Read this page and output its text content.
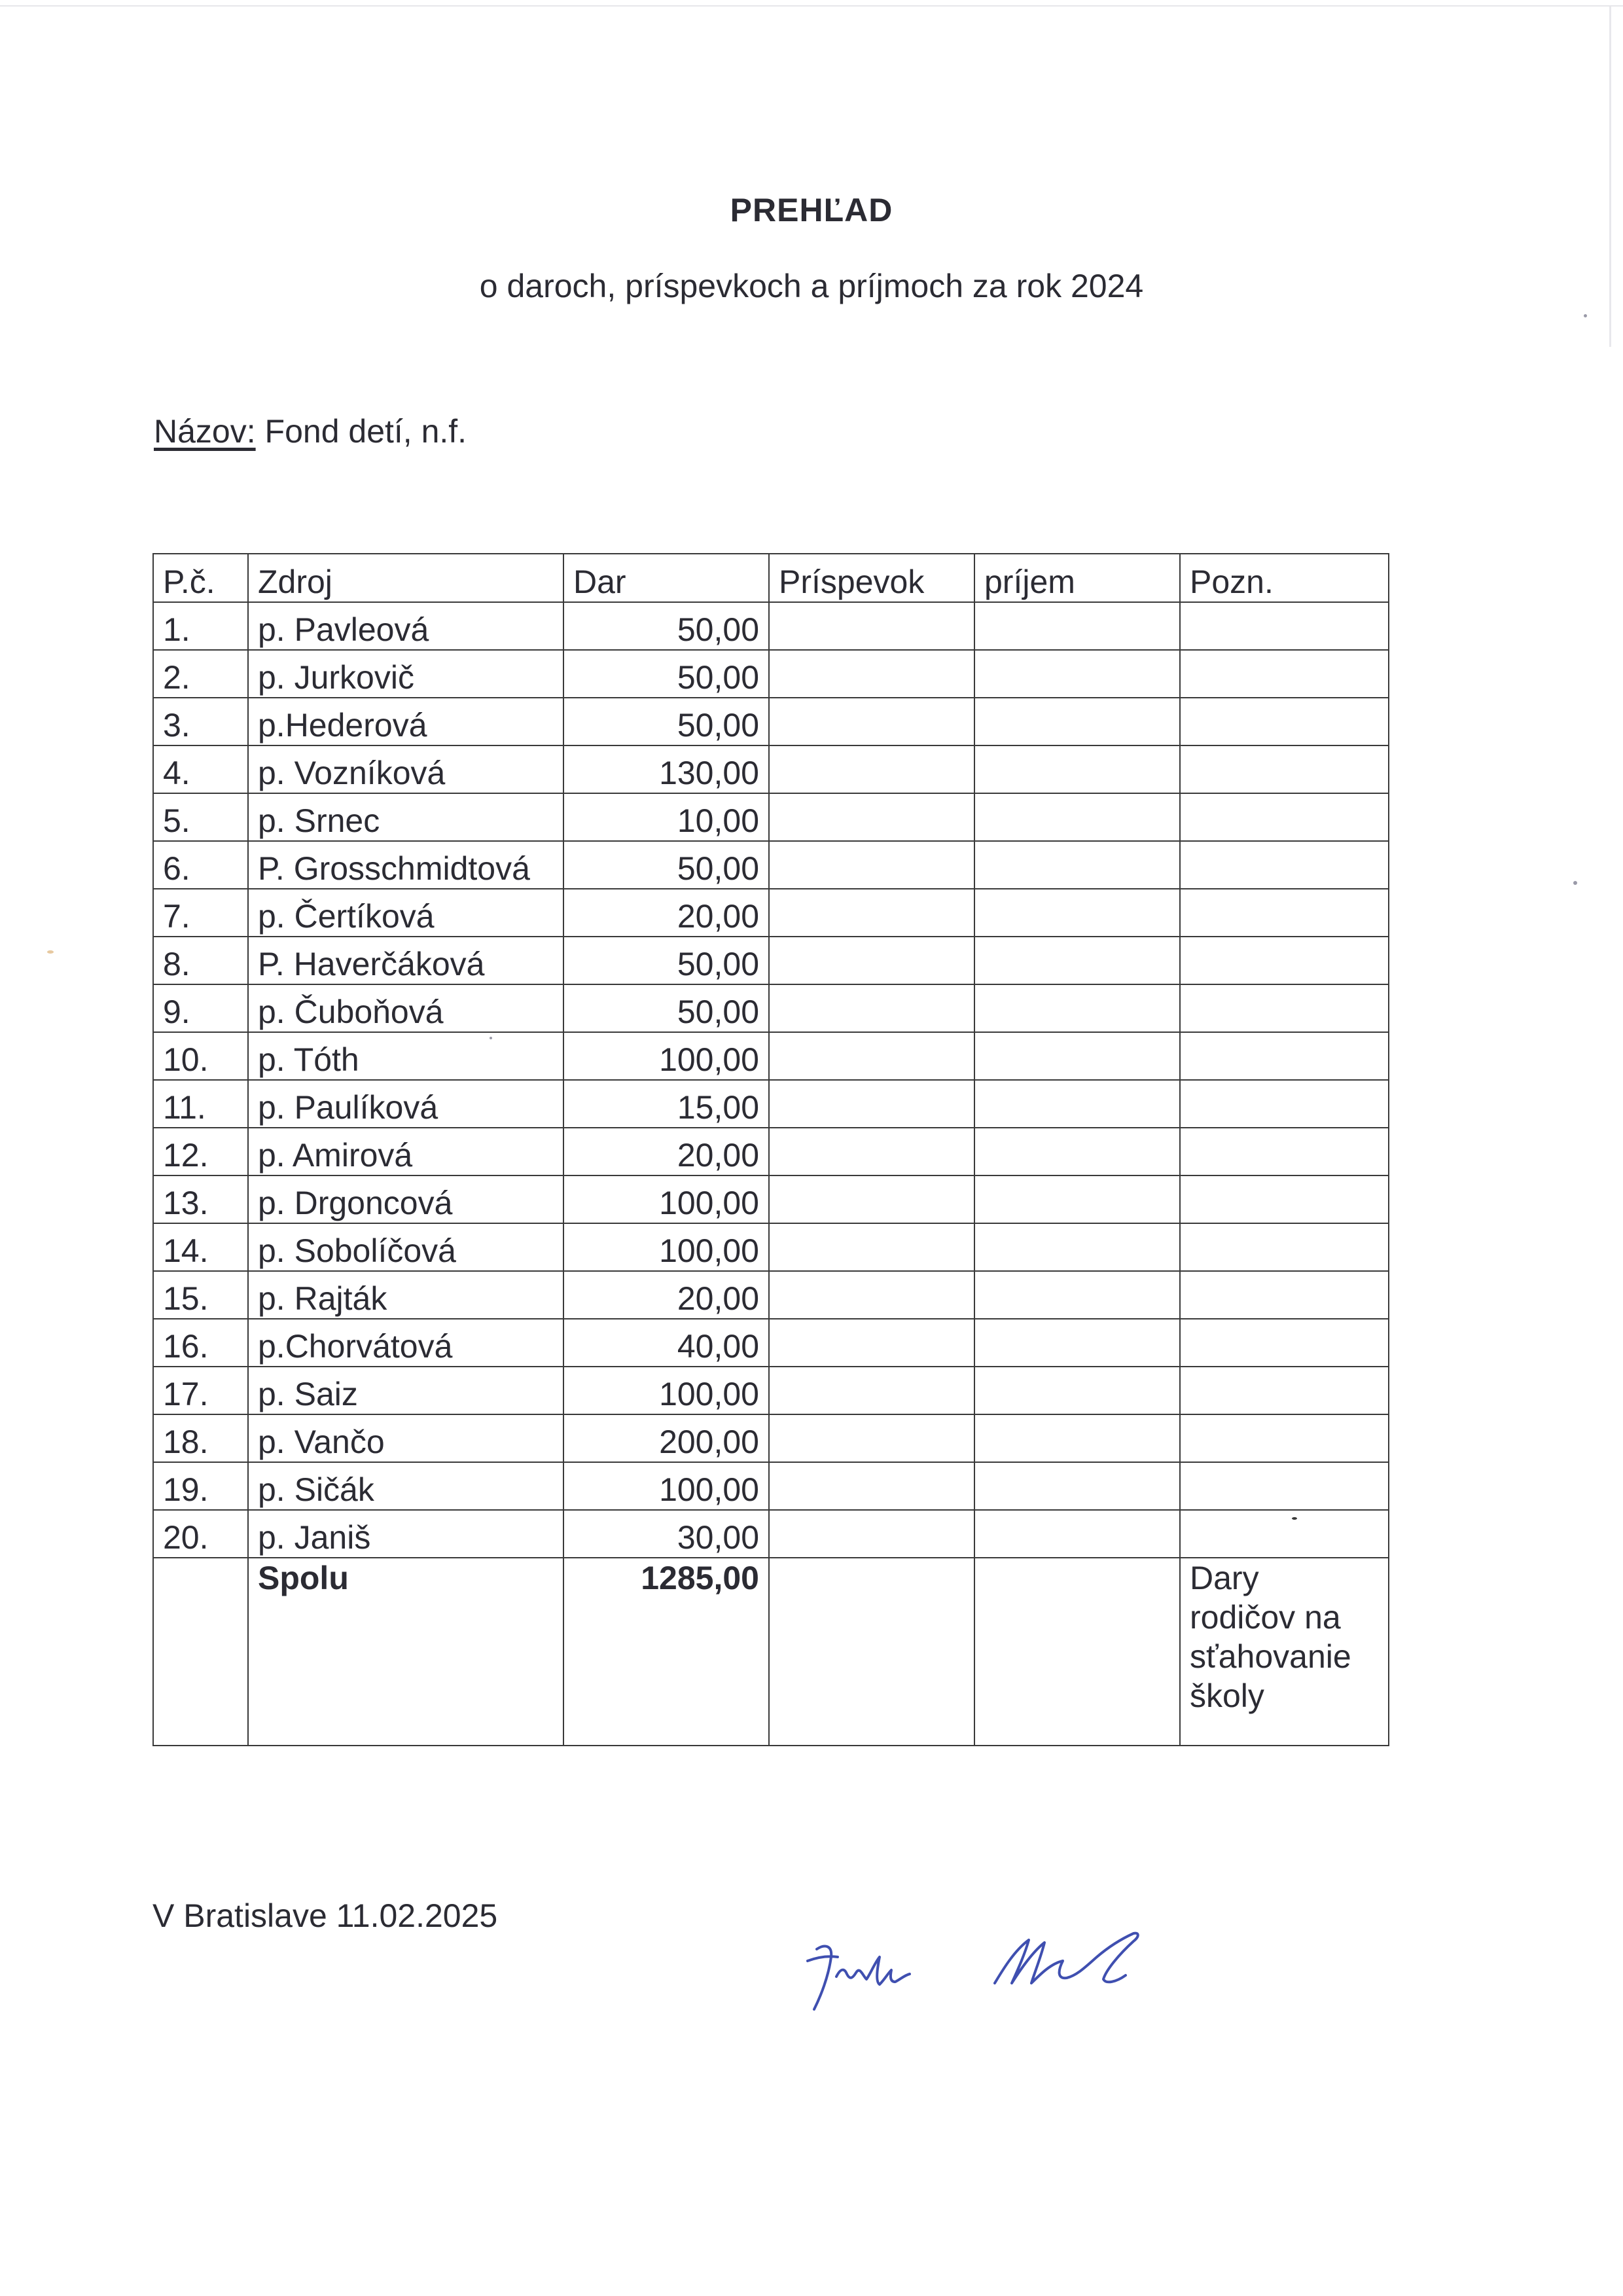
PREHĽAD
o daroch, príspevkoch a príjmoch za rok 2024
Názov: Fond detí, n.f.
P.č.	Zdroj	Dar	Príspevok	príjem	Pozn.
1.	p. Pavleová	50,00			
2.	p. Jurkovič	50,00			
3.	p.Hederová	50,00			
4.	p. Vozníková	130,00			
5.	p. Srnec	10,00			
6.	P. Grosschmidtová	50,00			
7.	p. Čertíková	20,00			
8.	P. Haverčáková	50,00			
9.	p. Čuboňová	50,00			
10.	p. Tóth	100,00			
11.	p. Paulíková	15,00			
12.	p. Amirová	20,00			
13.	p. Drgoncová	100,00			
14.	p. Sobolíčová	100,00			
15.	p. Rajták	20,00			
16.	p.Chorvátová	40,00			
17.	p. Saiz	100,00			
18.	p. Vančo	200,00			
19.	p. Sičák	100,00			
20.	p. Janiš	30,00			
	Spolu	1285,00			Dary
rodičov na
sťahovanie
školy
V Bratislave 11.02.2025
